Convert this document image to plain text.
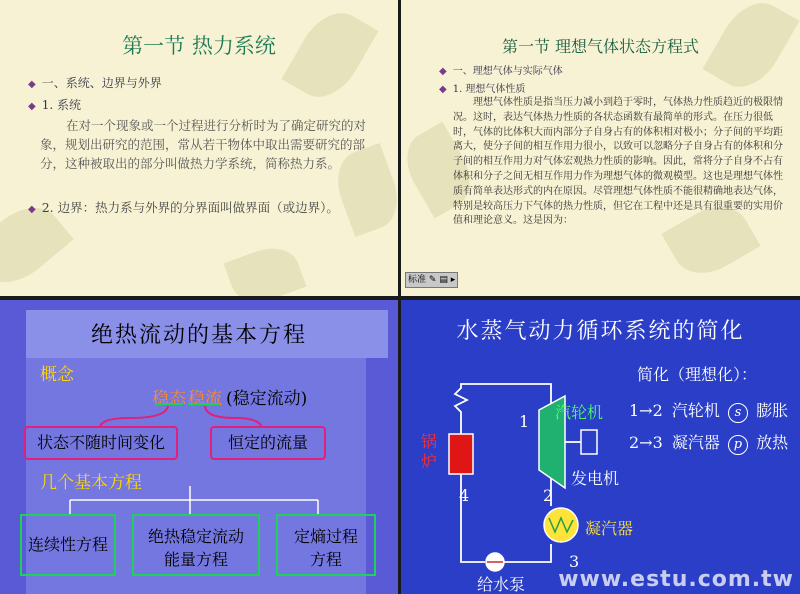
第一节 热力系统
◆ 一、系统、边界与外界
◆ 1. 系统
在对一个现象或一个过程进行分析时为了确定研究的对象，规划出研究的范围，常从若干物体中取出需要研究的部分，这种被取出的部分叫做热力学系统，简称热力系。
◆ 2. 边界：热力系与外界的分界面叫做界面（或边界）。
第一节 理想气体状态方程式
◆ 一、理想气体与实际气体
◆ 1. 理想气体性质
理想气体性质是指当压力减小到趋于零时，气体热力性质趋近的极限情况。这时，表达气体热力性质的各状态函数有最简单的形式。在压力很低时，气体的比体积大而内部分子自身占有的体积相对极小；分子间的平均距离大，使分子间的相互作用力很小，以致可以忽略分子自身占有的体积和分子间的相互作用力对气体宏观热力性质的影响。因此，常将分子自身不占有体积和分子之间无相互作用力作为理想气体的微观模型。这也是理想气体性质有简单表达形式的内在原因。尽管理想气体性质不能很精确地表达气体，特别是较高压力下气体的热力性质，但它在工程中还是具有很重要的实用价值和理论意义。这是因为：
标准 ✎ ▤ ▸
绝热流动的基本方程
概念
稳态 稳流 (稳定流动)
状态不随时间变化	恒定的流量
几个基本方程
连续性方程	绝热稳定流动
能量方程
定熵过程
方程
水蒸气动力循环系统的简化
简化（理想化）：
1→2 汽轮机 s 膨胀
2→3 凝汽器 p 放热
锅炉
汽轮机
发电机
凝汽器
给水泵
1
2
3
4
www.estu.com.tw
